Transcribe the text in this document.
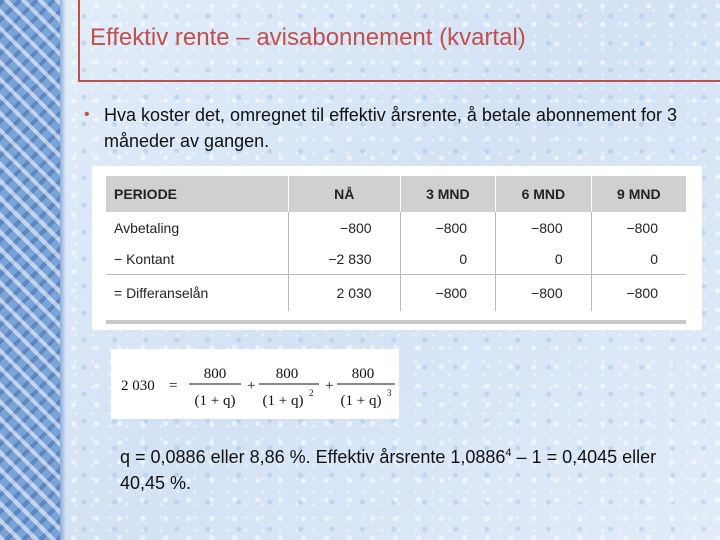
Effektiv rente – avisabonnement (kvartal)
• Hva koster det, omregnet til effektiv årsrente, å betale abonnement for 3 måneder av gangen.
PERIODE	NÅ	3 MND	6 MND	9 MND
Avbetaling	−800	−800	−800	−800
− Kontant	−2 830	0	0	0
= Differanselån	2 030	−800	−800	−800
2 030 =
800
(1 + q)
+
800
(1 + q) 2 +
800
(1 + q) 3
q = 0,0886 eller 8,86 %. Effektiv årsrente 1,0886$^4$ – 1 = 0,4045 eller 40,45 %.
